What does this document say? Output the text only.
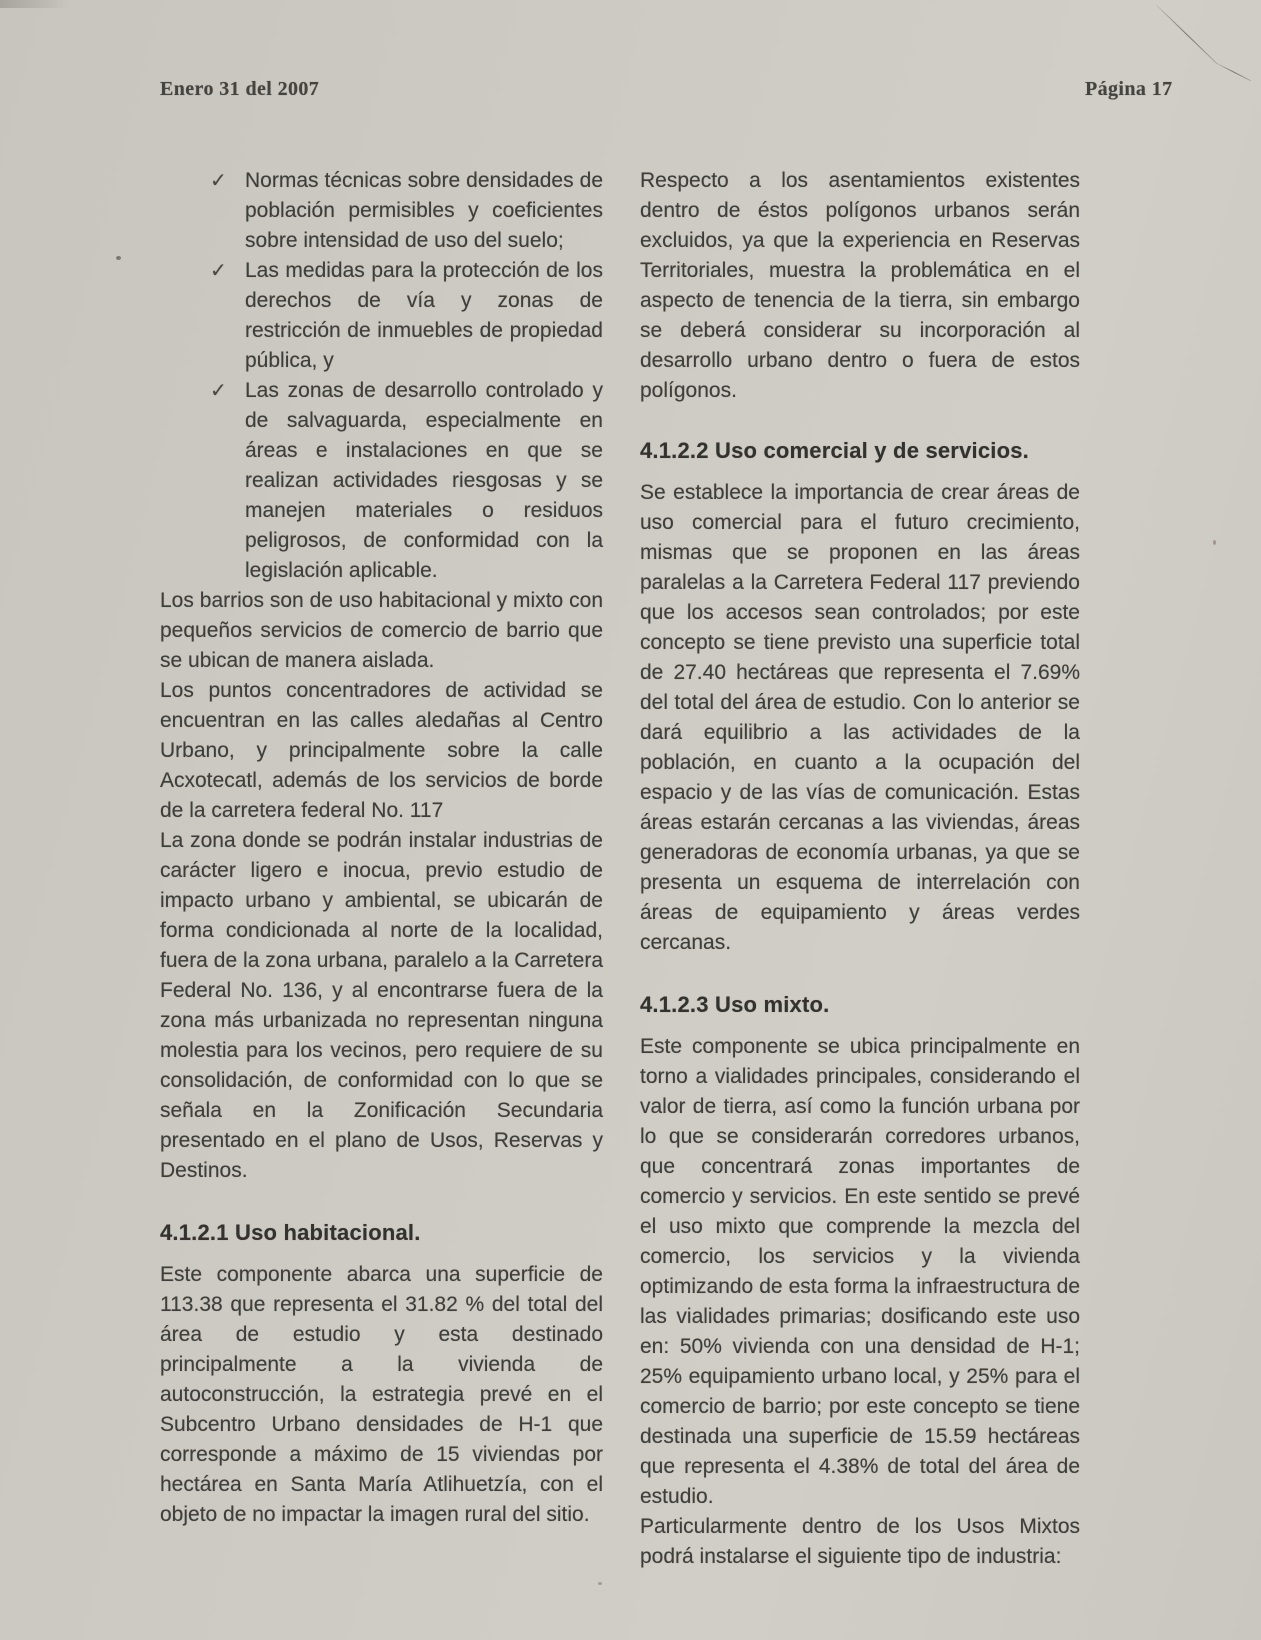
Enero 31 del 2007	Página 17
✓ Normas técnicas sobre densidades de población permisibles y coeficientes sobre intensidad de uso del suelo;
✓ Las medidas para la protección de los derechos de vía y zonas de restricción de inmuebles de propiedad pública, y
✓ Las zonas de desarrollo controlado y de salvaguarda, especialmente en áreas e instalaciones en que se realizan actividades riesgosas y se manejen materiales o residuos peligrosos, de conformidad con la legislación aplicable.

Los barrios son de uso habitacional y mixto con pequeños servicios de comercio de barrio que se ubican de manera aislada.

Los puntos concentradores de actividad se encuentran en las calles aledañas al Centro Urbano, y principalmente sobre la calle Acxotecatl, además de los servicios de borde de la carretera federal No. 117

La zona donde se podrán instalar industrias de carácter ligero e inocua, previo estudio de impacto urbano y ambiental, se ubicarán de forma condicionada al norte de la localidad, fuera de la zona urbana, paralelo a la Carretera Federal No. 136, y al encontrarse fuera de la zona más urbanizada no representan ninguna molestia para los vecinos, pero requiere de su consolidación, de conformidad con lo que se señala en la Zonificación Secundaria presentado en el plano de Usos, Reservas y Destinos.

4.1.2.1 Uso habitacional.

Este componente abarca una superficie de 113.38 que representa el 31.82 % del total del área de estudio y esta destinado principalmente a la vivienda de autoconstrucción, la estrategia prevé en el Subcentro Urbano densidades de H-1 que corresponde a máximo de 15 viviendas por hectárea en Santa María Atlihuetzía, con el objeto de no impactar la imagen rural del sitio.

Respecto a los asentamientos existentes dentro de éstos polígonos urbanos serán excluidos, ya que la experiencia en Reservas Territoriales, muestra la problemática en el aspecto de tenencia de la tierra, sin embargo se deberá considerar su incorporación al desarrollo urbano dentro o fuera de estos polígonos.

4.1.2.2 Uso comercial y de servicios.

Se establece la importancia de crear áreas de uso comercial para el futuro crecimiento, mismas que se proponen en las áreas paralelas a la Carretera Federal 117 previendo que los accesos sean controlados; por este concepto se tiene previsto una superficie total de 27.40 hectáreas que representa el 7.69% del total del área de estudio. Con lo anterior se dará equilibrio a las actividades de la población, en cuanto a la ocupación del espacio y de las vías de comunicación. Estas áreas estarán cercanas a las viviendas, áreas generadoras de economía urbanas, ya que se presenta un esquema de interrelación con áreas de equipamiento y áreas verdes cercanas.

4.1.2.3 Uso mixto.

Este componente se ubica principalmente en torno a vialidades principales, considerando el valor de tierra, así como la función urbana por lo que se considerarán corredores urbanos, que concentrará zonas importantes de comercio y servicios. En este sentido se prevé el uso mixto que comprende la mezcla del comercio, los servicios y la vivienda optimizando de esta forma la infraestructura de las vialidades primarias; dosificando este uso en: 50% vivienda con una densidad de H-1; 25% equipamiento urbano local, y 25% para el comercio de barrio; por este concepto se tiene destinada una superficie de 15.59 hectáreas que representa el 4.38% de total del área de estudio.

Particularmente dentro de los Usos Mixtos podrá instalarse el siguiente tipo de industria:
